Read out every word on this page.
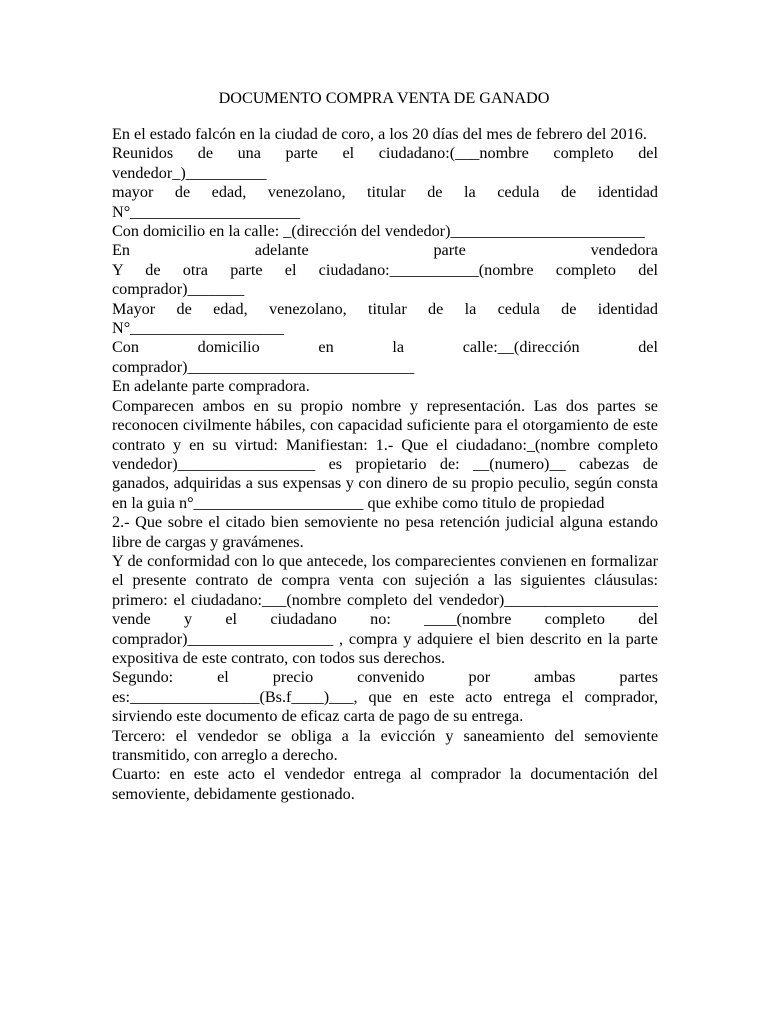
DOCUMENTO COMPRA VENTA DE GANADO

En el estado falcón en la ciudad de coro, a los 20 días del mes de febrero del 2016.

Reunidos de una parte el ciudadano:(___nombre completo del vendedor_)__________

mayor de edad, venezolano, titular de la cedula de identidad N°_____________________

Con domicilio en la calle: _(dirección del vendedor)________________________

En adelante parte vendedora

Y de otra parte el ciudadano:___________(nombre completo del comprador)_______

Mayor de edad, venezolano, titular de la cedula de identidad N°___________________

Con domicilio en la calle:__(dirección del comprador)____________________________

En adelante parte compradora.

Comparecen ambos en su propio nombre y representación. Las dos partes se reconocen civilmente hábiles, con capacidad suficiente para el otorgamiento de este contrato y en su virtud: Manifiestan: 1.- Que el ciudadano:_(nombre completo vendedor)_________________ es propietario de: __(numero)__ cabezas de ganados, adquiridas a sus expensas y con dinero de su propio peculio, según consta en la guia n°_____________________ que exhibe como titulo de propiedad

2.- Que sobre el citado bien semoviente no pesa retención judicial alguna estando libre de cargas y gravámenes.

Y de conformidad con lo que antecede, los comparecientes convienen en formalizar el presente contrato de compra venta con sujeción a las siguientes cláusulas:

primero: el ciudadano:___(nombre completo del vendedor)___________________ vende y el ciudadano no: ____(nombre completo del comprador)__________________ , compra y adquiere el bien descrito en la parte expositiva de este contrato, con todos sus derechos.

Segundo: el precio convenido por ambas partes es:________________(Bs.f____)___, que en este acto entrega el comprador, sirviendo este documento de eficaz carta de pago de su entrega.

Tercero: el vendedor se obliga a la evicción y saneamiento del semoviente transmitido, con arreglo a derecho.

Cuarto: en este acto el vendedor entrega al comprador la documentación del semoviente, debidamente gestionado.
